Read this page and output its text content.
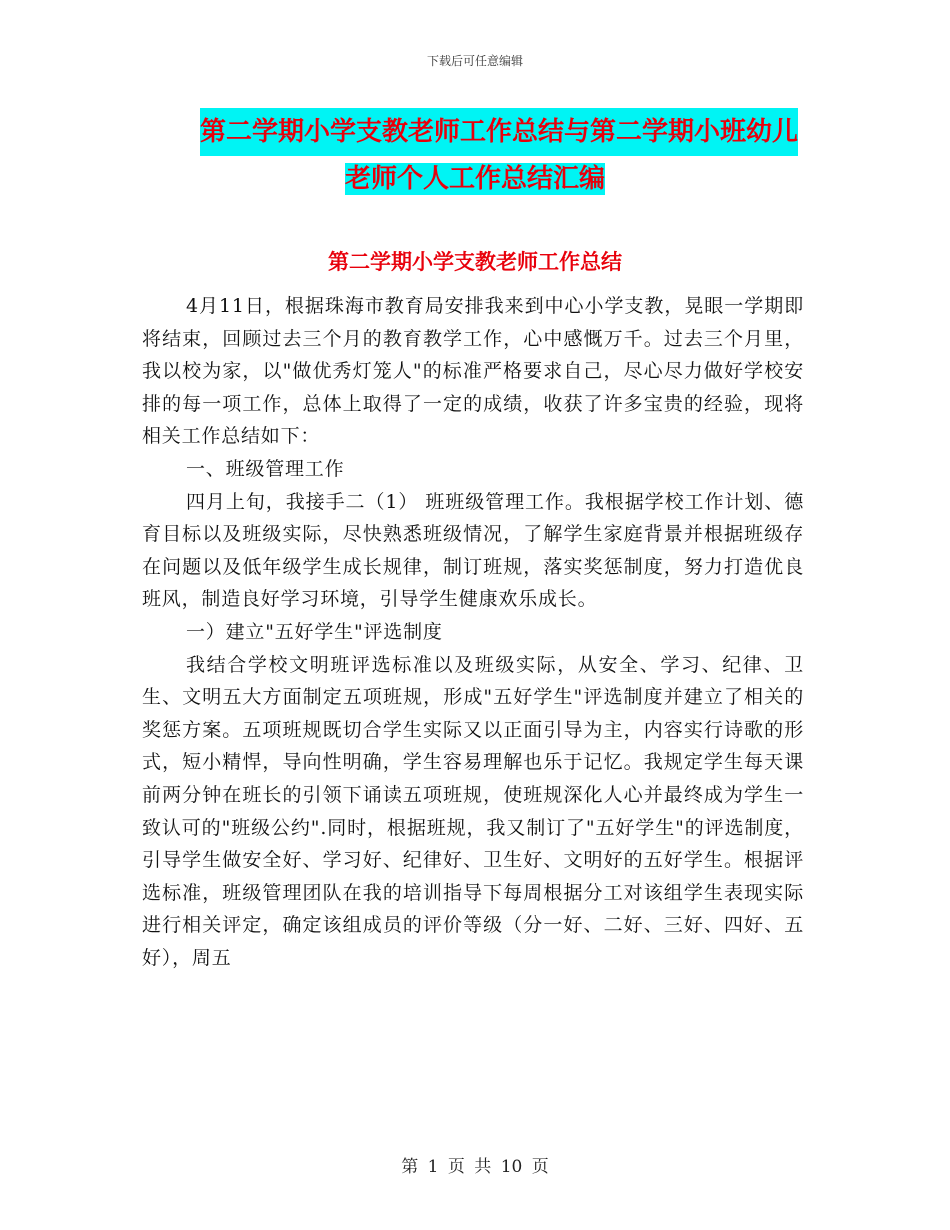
下载后可任意编辑
第二学期小学支教老师工作总结与第二学期小班幼儿
老师个人工作总结汇编
第二学期小学支教老师工作总结

4月11日，根据珠海市教育局安排我来到中心小学支教，晃眼一学期即将结束，回顾过去三个月的教育教学工作，心中感慨万千。过去三个月里，我以校为家，以"做优秀灯笼人"的标准严格要求自己，尽心尽力做好学校安排的每一项工作，总体上取得了一定的成绩，收获了许多宝贵的经验，现将相关工作总结如下：

一、班级管理工作

四月上旬，我接手二（1） 班班级管理工作。我根据学校工作计划、德育目标以及班级实际，尽快熟悉班级情况，了解学生家庭背景并根据班级存在问题以及低年级学生成长规律，制订班规，落实奖惩制度，努力打造优良班风，制造良好学习环境，引导学生健康欢乐成长。

一）建立"五好学生"评选制度

我结合学校文明班评选标准以及班级实际，从安全、学习、纪律、卫生、文明五大方面制定五项班规，形成"五好学生"评选制度并建立了相关的奖惩方案。五项班规既切合学生实际又以正面引导为主，内容实行诗歌的形式，短小精悍，导向性明确，学生容易理解也乐于记忆。我规定学生每天课前两分钟在班长的引领下诵读五项班规，使班规深化人心并最终成为学生一致认可的"班级公约".同时，根据班规，我又制订了"五好学生"的评选制度，引导学生做安全好、学习好、纪律好、卫生好、文明好的五好学生。根据评选标准，班级管理团队在我的培训指导下每周根据分工对该组学生表现实际进行相关评定，确定该组成员的评价等级（分一好、二好、三好、四好、五好），周五

第 1 页 共 10 页
